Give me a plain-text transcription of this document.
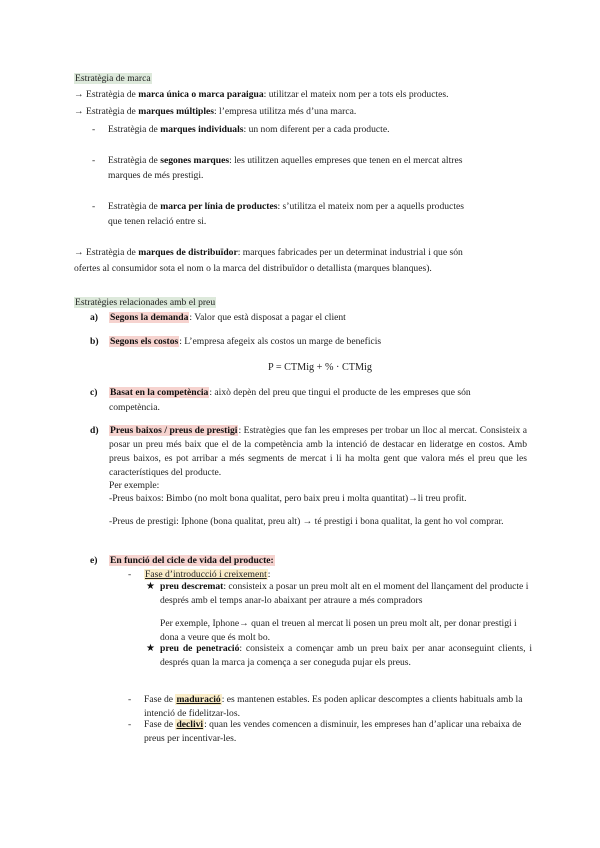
Estratègia de marca
→ Estratègia de marca única o marca paraigua: utilitzar el mateix nom per a tots els productes.
→ Estratègia de marques múltiples: l’empresa utilitza més d’una marca.
- Estratègia de marques individuals: un nom diferent per a cada producte.
- Estratègia de segones marques: les utilitzen aquelles empreses que tenen en el mercat altres
marques de més prestigi.
- Estratègia de marca per línia de productes: s’utilitza el mateix nom per a aquells productes
que tenen relació entre si.
→ Estratègia de marques de distribuïdor: marques fabricades per un determinat industrial i que són
ofertes al consumidor sota el nom o la marca del distribuïdor o detallista (marques blanques).
Estratègies relacionades amb el preu
a) Segons la demanda: Valor que està disposat a pagar el client
b) Segons els costos: L’empresa afegeix als costos un marge de beneficis
P = CTMig + % · CTMig
c) Basat en la competència: això depèn del preu que tingui el producte de les empreses que són
competència.
d) Preus baixos / preus de prestigi: Estratègies que fan les empreses per trobar un lloc al mercat. Consisteix a posar un preu més baix que el de la competència amb la intenció de destacar en lideratge en costos. Amb preus baixos, es pot arribar a més segments de mercat i li ha molta gent que valora més el preu que les característiques del producte.
Per exemple:
-Preus baixos: Bimbo (no molt bona qualitat, pero baix preu i molta quantitat)→li treu profit.
-Preus de prestigi: Iphone (bona qualitat, preu alt) → té prestigi i bona qualitat, la gent ho vol comprar.
e) En funció del cicle de vida del producte:
- Fase d’introducció i creixement:
★ preu descremat: consisteix a posar un preu molt alt en el moment del llançament del producte i després amb el temps anar-lo abaixant per atraure a més compradors
Per exemple, Iphone→ quan el treuen al mercat li posen un preu molt alt, per donar prestigi i dona a veure que és molt bo.
★ preu de penetració: consisteix a començar amb un preu baix per anar aconseguint clients, i després quan la marca ja comença a ser coneguda pujar els preus.
- Fase de maduració: es mantenen estables. Es poden aplicar descomptes a clients habituals amb la intenció de fidelitzar-los.
- Fase de declivi: quan les vendes comencen a disminuir, les empreses han d’aplicar una rebaixa de preus per incentivar-les.
